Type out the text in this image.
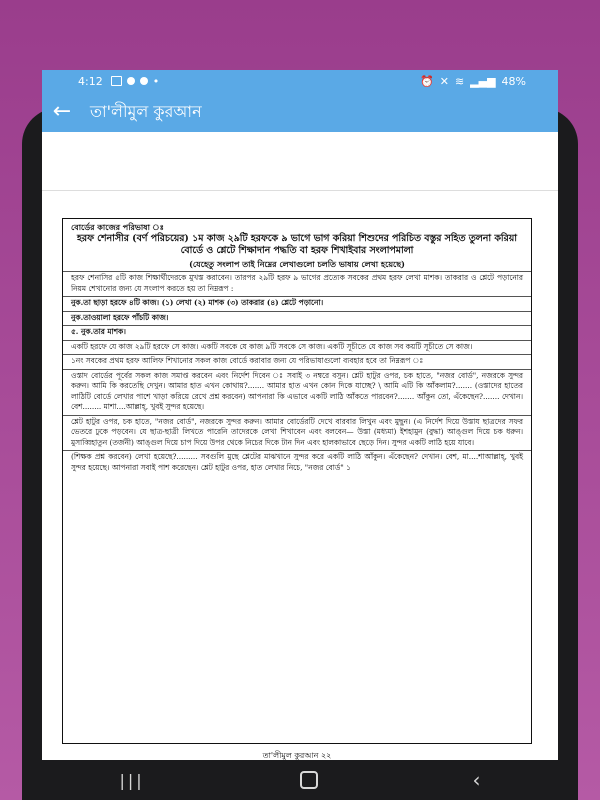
4:12	•	⏰ ✕ ≋ ▂▄▆ 48%
← তা'লীমুল কুরআন
বোর্ডের কাজের পরিভাষা ঃ
হরফ শেনাসীর (বর্ণ পরিচয়ের) ১ম কাজ ২৯টি হরফকে ৯ ভাগে ভাগ করিয়া শিশুদের পরিচিত বস্তুর সহিত তুলনা করিয়া বোর্ডে ও শ্লেটে শিক্ষাদান পদ্ধতি বা হরফ শিখাইবার সংলাপমালা
(যেহেতু সংলাপ তাই নিম্নের লেখাগুলো চলতি ভাষায় লেখা হয়েছে)
হরফ শেনাসির ৫টি কাজ শিক্ষার্থীদেরকে মুখস্ত করাবেন। তারপর ২৯টি হরফ ৯ ভাগের প্রত্যেক সবকের প্রথম হরফ লেখা মাশক। তাকরার ও শ্লেটে পড়ানোর নিয়ম শেখানোর জন্য যে সংলাপ করতে হয় তা নিম্নরূপ :
নুক.তা ছাড়া হরফে ৪টি কাজ। (১) লেখা (২) মাশক (৩) তাকরার (৪) শ্লেটে পড়ানো।
নুক.তাওয়ালা হরফে পাঁচটি কাজ।
৫. নুক.তার মাশক।
একটি হরফে যে কাজ ২৯টি হরফে সে কাজ। একটি সবকে যে কাজ ৯টি সবকে সে কাজ। একটি সূচীতে যে কাজ সব কয়টি সূচীতে সে কাজ।
১নং সবকের প্রথম হরফ আলিফ শিখানোর সকল কাজ বোর্ডে করাবার জন্য যে পরিভাষাগুলো ব্যবহার হবে তা নিম্নরূপ ঃ
ওস্তাদ বোর্ডের পূর্বের সকল কাজ সমাপ্ত করবেন এবং নির্দেশ দিবেন ঃ সবাই ৩ নম্বরে বসুন। শ্লেট হাটুর ওপর, চক হাতে, "নজর বোর্ড", নজরকে সুন্দর করুন। আমি কি করতেছি দেখুন। আমার হাত এখন কোথায়?....... আমার হাত এখন কোন দিকে যাচ্ছে? \ আমি এটি কি আঁকলাম?....... (ওস্তাদের হাতের লাঠিটি বোর্ডে লেখার পাশে খাড়া করিয়ে রেখে প্রশ্ন করবেন) আপনারা কি এভাবে একটি লাঠি আঁকতে পারবেন?....... আঁকুন তো, এঁকেছেন?....... দেখান। বেশ........ মাশা....আল্লাহ্, খুবই সুন্দর হয়েছে।
শ্লেট হাটুর ওপর, চক হাতে, "নজর বোর্ড", নজরকে সুন্দর করুন। আমার বোর্ডেরটি দেখে বারবার লিখুন এবং মুছুন। (এ নির্দেশ দিয়ে উস্তায ছাত্রদের সফর ভেতরে ঢুকে পড়বেন। যে ছাত্র-ছাত্রী লিখতে পারেনি তাদেরকে লেখা শিখাবেন এবং বলবেন— উস্তা (মধ্যমা) ইশহামুন (বুদ্ধা) আঙ্গুল দিয়ে চক ধরুন। মুসাব্বিহাতুন (তর্জনী) আঙ্গুল দিয়ে চাপ দিয়ে উপর থেকে নিচের দিকে টান দিন এবং হালকাভাবে ছেড়ে দিন। সুন্দর একটি লাঠি হয়ে যাবে।
(শিক্ষক প্রশ্ন করবেন) লেখা হয়েছে?......... সবগুলি মুছে শ্লেটের মাঝখানে সুন্দর করে একটি লাঠি আঁকুন। এঁকেছেন? দেখান। বেশ, মা....শাআল্লাহ্, খুবই সুন্দর হয়েছে। আপনারা সবাই পাশ করেছেন। শ্লেট হাটুর ওপর, হাত লেখার নিচে, "নজর বোর্ড" ১
তা'লীমুল কুরআন ২২
|||	‹
